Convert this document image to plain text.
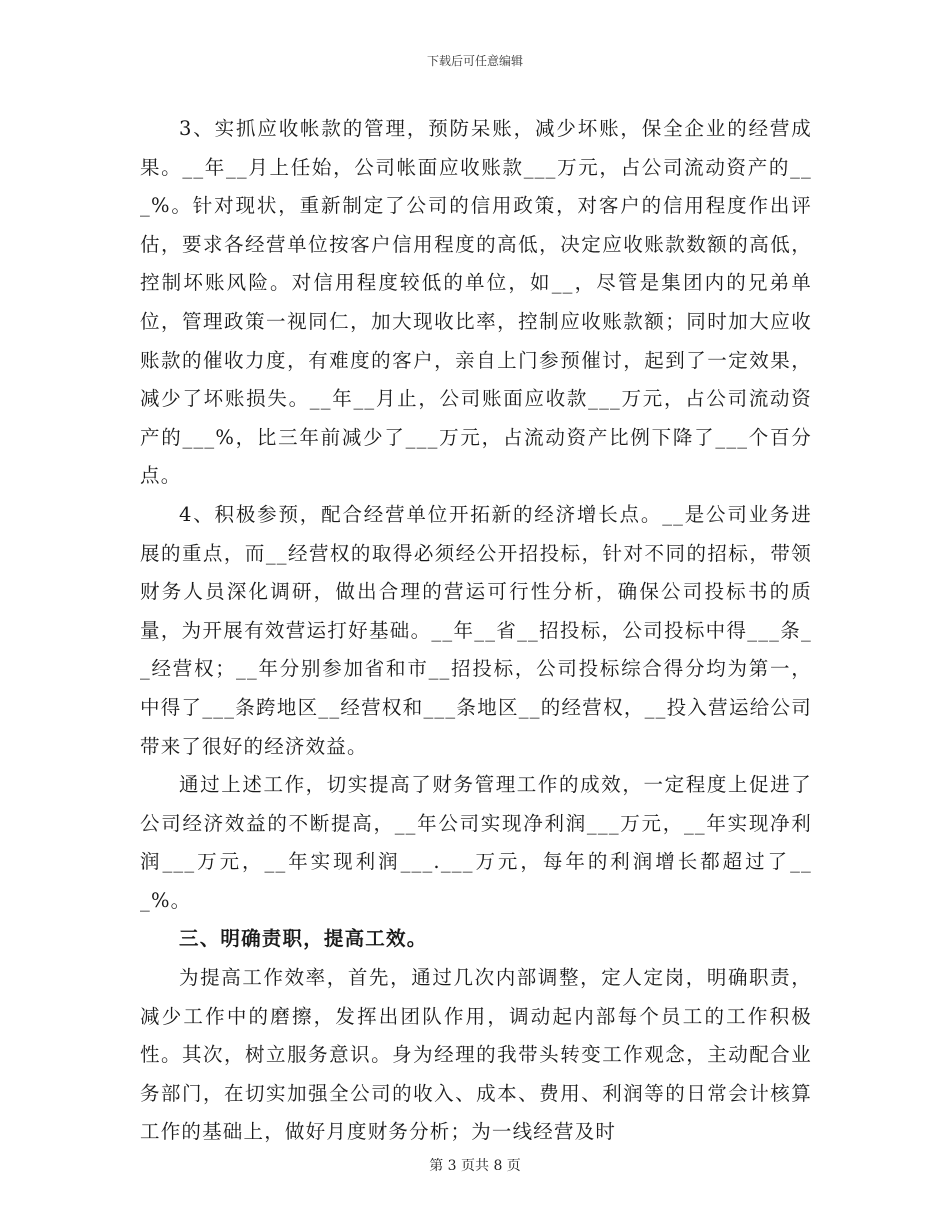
下载后可任意编辑

3、实抓应收帐款的管理，预防呆账，减少坏账，保全企业的经营成果。__年__月上任始，公司帐面应收账款___万元，占公司流动资产的___%。针对现状，重新制定了公司的信用政策，对客户的信用程度作出评估，要求各经营单位按客户信用程度的高低，决定应收账款数额的高低，控制坏账风险。对信用程度较低的单位，如__，尽管是集团内的兄弟单位，管理政策一视同仁，加大现收比率，控制应收账款额；同时加大应收账款的催收力度，有难度的客户，亲自上门参预催讨，起到了一定效果，减少了坏账损失。__年__月止，公司账面应收款___万元，占公司流动资产的___%，比三年前减少了___万元，占流动资产比例下降了___个百分点。

4、积极参预，配合经营单位开拓新的经济增长点。__是公司业务进展的重点，而__经营权的取得必须经公开招投标，针对不同的招标，带领财务人员深化调研，做出合理的营运可行性分析，确保公司投标书的质量，为开展有效营运打好基础。__年__省__招投标，公司投标中得___条__经营权；__年分别参加省和市__招投标，公司投标综合得分均为第一，中得了___条跨地区__经营权和___条地区__的经营权，__投入营运给公司带来了很好的经济效益。

通过上述工作，切实提高了财务管理工作的成效，一定程度上促进了公司经济效益的不断提高，__年公司实现净利润___万元，__年实现净利润___万元，__年实现利润___.___万元，每年的利润增长都超过了___%。

三、明确责职，提高工效。

为提高工作效率，首先，通过几次内部调整，定人定岗，明确职责，减少工作中的磨擦，发挥出团队作用，调动起内部每个员工的工作积极性。其次，树立服务意识。身为经理的我带头转变工作观念，主动配合业务部门，在切实加强全公司的收入、成本、费用、利润等的日常会计核算工作的基础上，做好月度财务分析；为一线经营及时

第 3 页共 8 页
